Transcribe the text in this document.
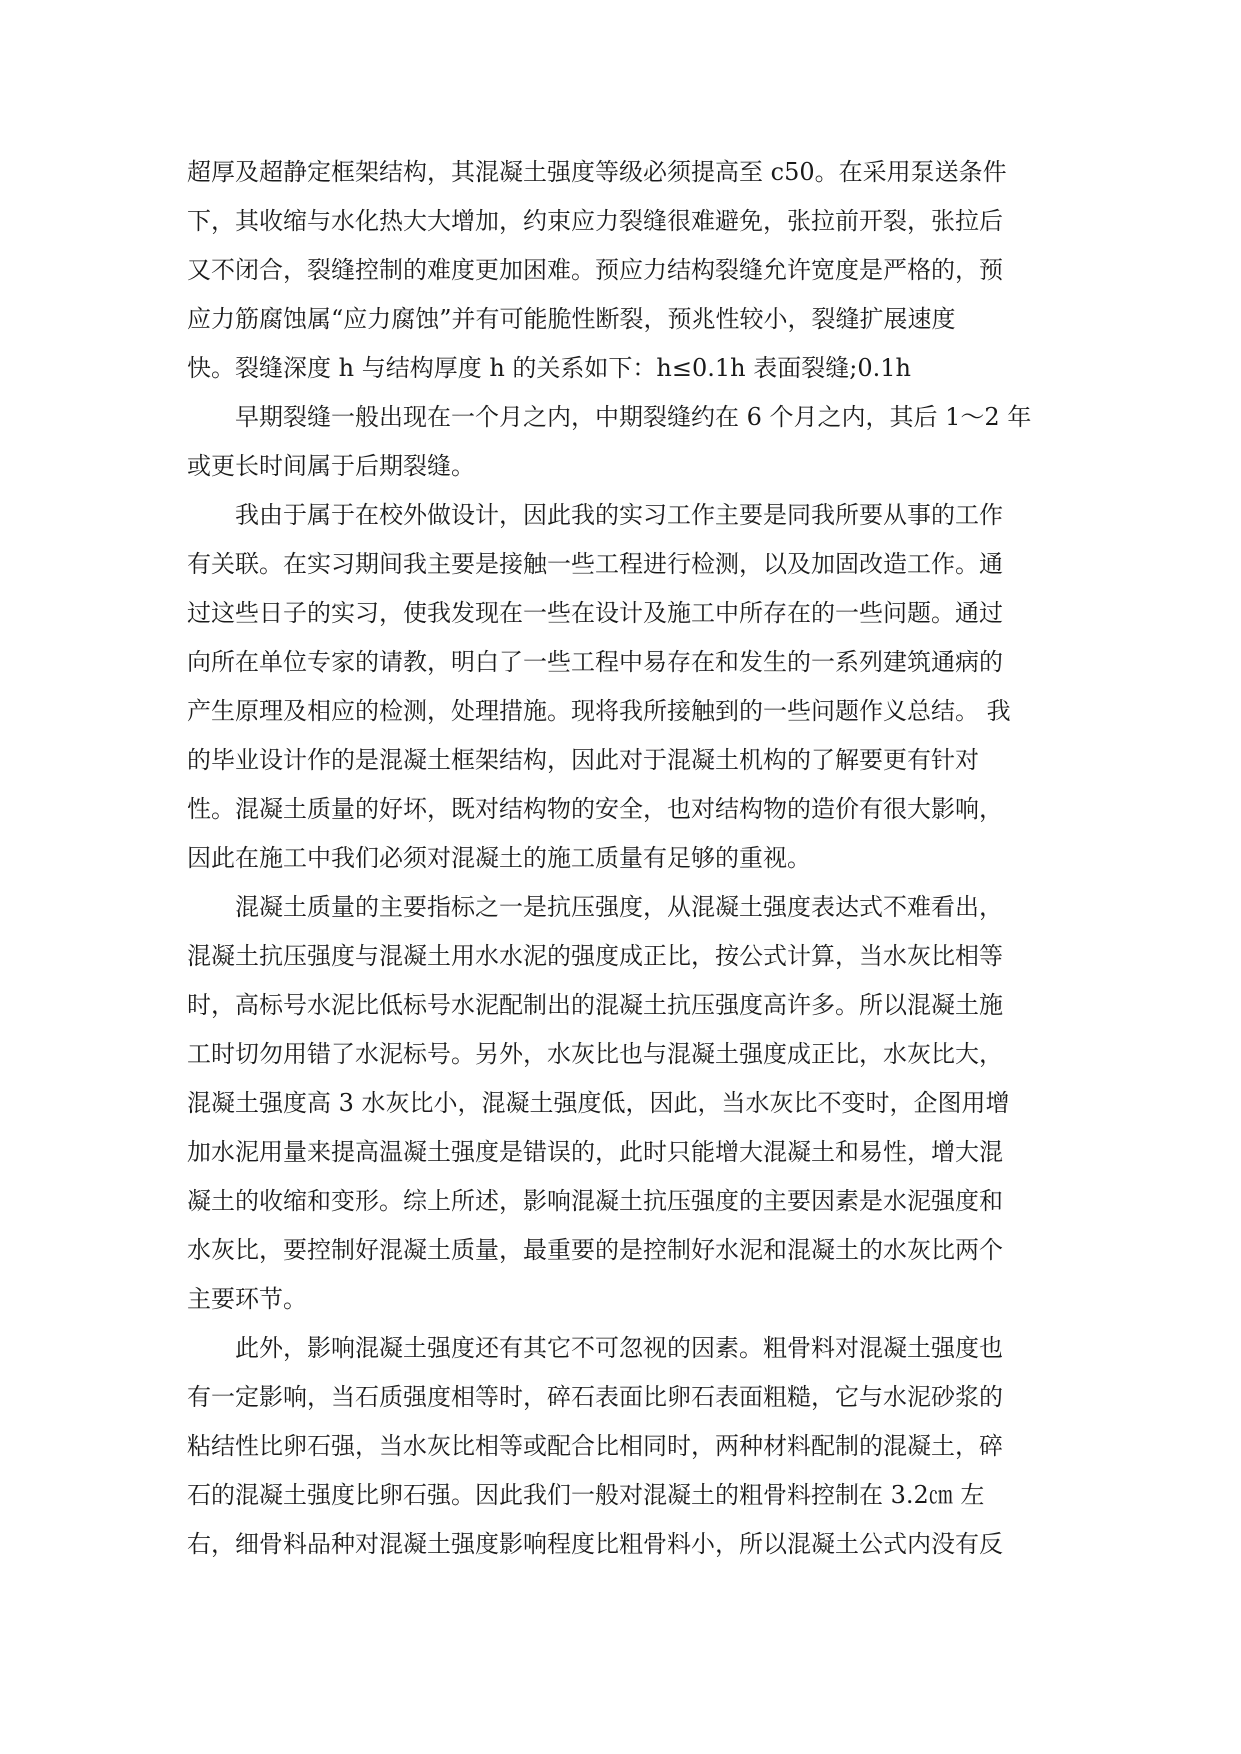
超厚及超静定框架结构，其混凝土强度等级必须提高至 c50。在采用泵送条件
下，其收缩与水化热大大增加，约束应力裂缝很难避免，张拉前开裂，张拉后
又不闭合，裂缝控制的难度更加困难。预应力结构裂缝允许宽度是严格的，预
应力筋腐蚀属“应力腐蚀”并有可能脆性断裂，预兆性较小，裂缝扩展速度
快。裂缝深度 h 与结构厚度 h 的关系如下：h≤0.1h 表面裂缝;0.1h
早期裂缝一般出现在一个月之内，中期裂缝约在 6 个月之内，其后 1～2 年
或更长时间属于后期裂缝。
我由于属于在校外做设计，因此我的实习工作主要是同我所要从事的工作
有关联。在实习期间我主要是接触一些工程进行检测，以及加固改造工作。通
过这些日子的实习，使我发现在一些在设计及施工中所存在的一些问题。通过
向所在单位专家的请教，明白了一些工程中易存在和发生的一系列建筑通病的
产生原理及相应的检测，处理措施。现将我所接触到的一些问题作义总结。 我
的毕业设计作的是混凝土框架结构，因此对于混凝土机构的了解要更有针对
性。混凝土质量的好坏，既对结构物的安全，也对结构物的造价有很大影响，
因此在施工中我们必须对混凝土的施工质量有足够的重视。
混凝土质量的主要指标之一是抗压强度，从混凝土强度表达式不难看出，
混凝土抗压强度与混凝土用水水泥的强度成正比，按公式计算，当水灰比相等
时，高标号水泥比低标号水泥配制出的混凝土抗压强度高许多。所以混凝土施
工时切勿用错了水泥标号。另外，水灰比也与混凝土强度成正比，水灰比大，
混凝土强度高 3 水灰比小，混凝土强度低，因此，当水灰比不变时，企图用增
加水泥用量来提高温凝土强度是错误的，此时只能增大混凝土和易性，增大混
凝土的收缩和变形。综上所述，影响混凝土抗压强度的主要因素是水泥强度和
水灰比，要控制好混凝土质量，最重要的是控制好水泥和混凝土的水灰比两个
主要环节。
此外，影响混凝土强度还有其它不可忽视的因素。粗骨料对混凝土强度也
有一定影响，当石质强度相等时，碎石表面比卵石表面粗糙，它与水泥砂浆的
粘结性比卵石强，当水灰比相等或配合比相同时，两种材料配制的混凝土，碎
石的混凝土强度比卵石强。因此我们一般对混凝土的粗骨料控制在 3.2㎝ 左
右，细骨料品种对混凝土强度影响程度比粗骨料小，所以混凝土公式内没有反
